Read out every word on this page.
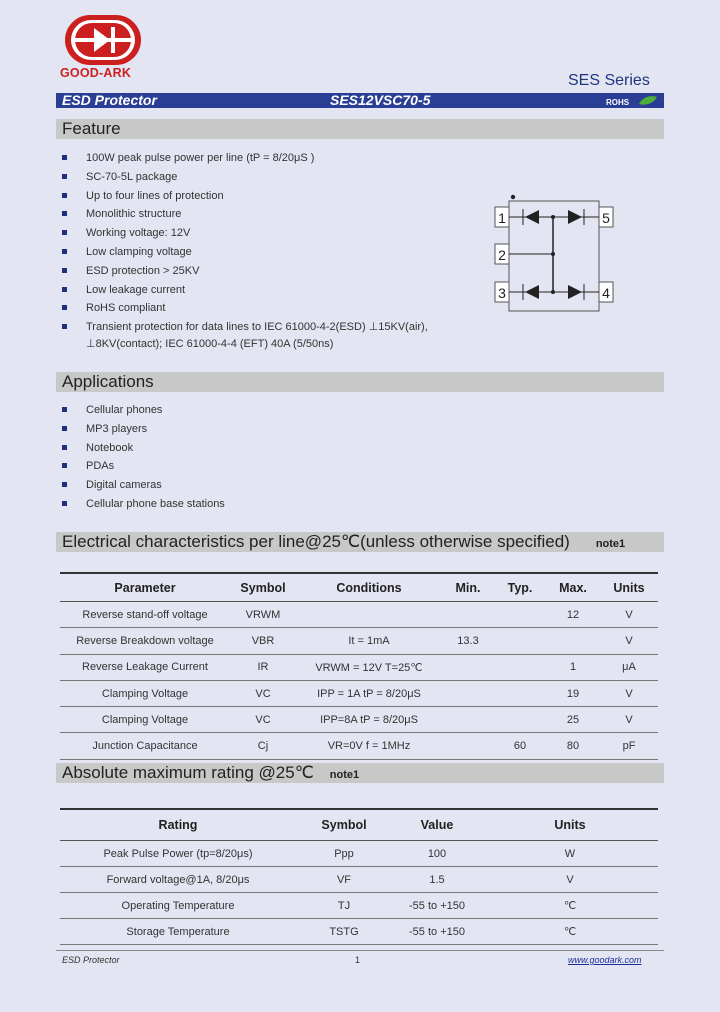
GOOD-ARK	SES Series
ESD Protector	SES12VSC70-5	ROHS
Feature
100W peak pulse power per line (tP = 8/20μS )
SC-70-5L package
Up to four lines of protection
Monolithic structure
Working voltage: 12V
Low clamping voltage
ESD protection > 25KV
Low leakage current
RoHS compliant
Transient protection for data lines to IEC 61000-4-2(ESD) ⊥15KV(air),
⊥8KV(contact); IEC 61000-4-4 (EFT) 40A (5/50ns)
1
2
3	4
5
Applications
Cellular phones
MP3 players
Notebook
PDAs
Digital cameras
Cellular phone base stations
Electrical characteristics per line@25℃(unless otherwise specified) note1
Parameter	Symbol	Conditions	Min.	Typ.	Max.	Units
Reverse stand-off voltage	VRWM				12	V
Reverse Breakdown voltage	VBR	It = 1mA	13.3			V
Reverse Leakage Current	IR	VRWM = 12V T=25℃			1	μA
Clamping Voltage	VC	IPP = 1A tP = 8/20μS			19	V
Clamping Voltage	VC	IPP=8A tP = 8/20μS			25	V
Junction Capacitance	Cj	VR=0V f = 1MHz		60	80	pF
Absolute maximum rating @25℃ note1
Rating	Symbol	Value	Units
Peak Pulse Power (tp=8/20μs)	Ppp	100	W
Forward voltage@1A, 8/20μs	VF	1.5	V
Operating Temperature	TJ	-55 to +150	℃
Storage Temperature	TSTG	-55 to +150	℃
ESD Protector	1	www.goodark.com
